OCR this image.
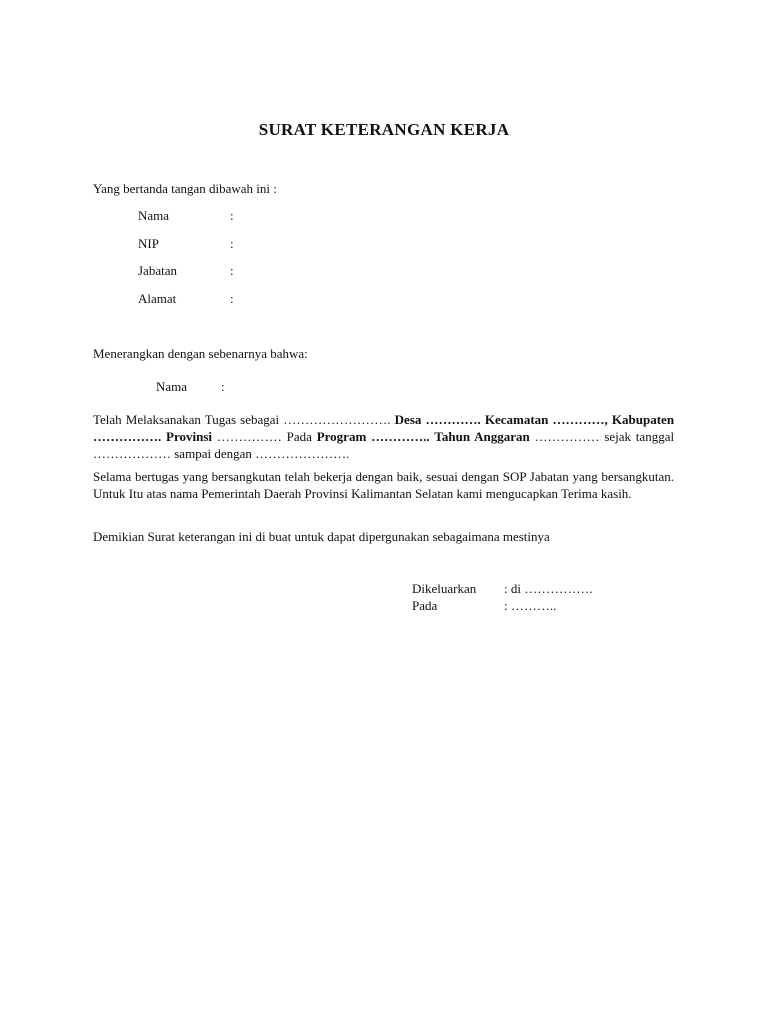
SURAT KETERANGAN KERJA
Yang bertanda tangan dibawah ini :
Nama	:
NIP	:
Jabatan	:
Alamat	:
Menerangkan dengan sebenarnya bahwa:
Nama	:
Telah Melaksanakan Tugas sebagai ……………………. Desa …………. Kecamatan …………, Kabupaten ……………. Provinsi …………… Pada Program ………….. Tahun Anggaran …………… sejak tanggal ……………… sampai dengan ………………….
Selama bertugas yang bersangkutan telah bekerja dengan baik, sesuai dengan SOP Jabatan yang bersangkutan. Untuk Itu atas nama Pemerintah Daerah Provinsi Kalimantan Selatan kami mengucapkan Terima kasih.
Demikian Surat keterangan ini di buat untuk dapat dipergunakan sebagaimana mestinya
Dikeluarkan : di …………….
Pada	: ………..
